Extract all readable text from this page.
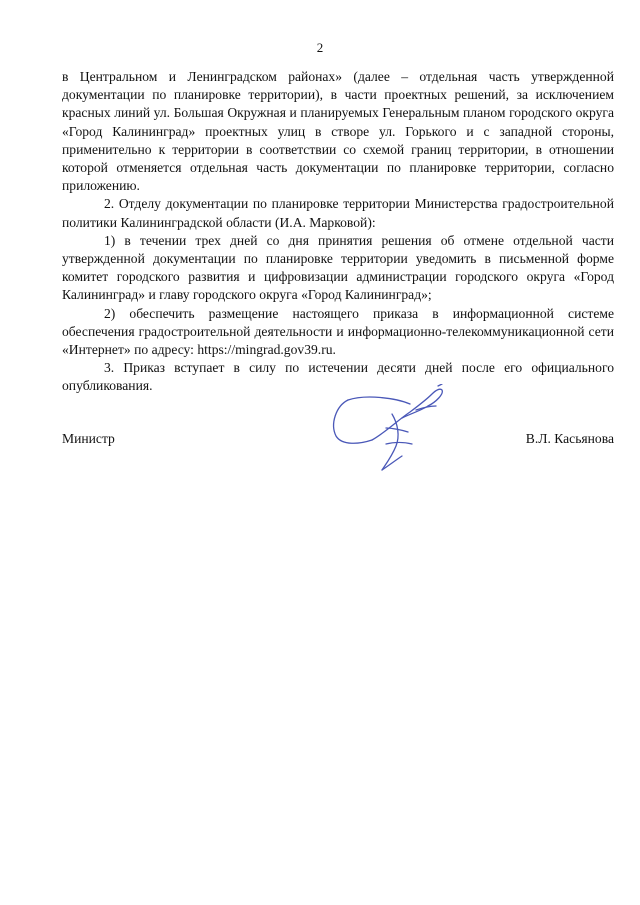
2

в Центральном и Ленинградском районах» (далее – отдельная часть утвержденной документации по планировке территории), в части проектных решений, за исключением красных линий ул. Большая Окружная и планируемых Генеральным планом городского округа «Город Калининград» проектных улиц в створе ул. Горького и с западной стороны, применительно к территории в соответствии со схемой границ территории, в отношении которой отменяется отдельная часть документации по планировке территории, согласно приложению.

2. Отделу документации по планировке территории Министерства градостроительной политики Калининградской области (И.А. Марковой):

1) в течении трех дней со дня принятия решения об отмене отдельной части утвержденной документации по планировке территории уведомить в письменной форме комитет городского развития и цифровизации администрации городского округа «Город Калининград» и главу городского округа «Город Калининград»;

2) обеспечить размещение настоящего приказа в информационной системе обеспечения градостроительной деятельности и информационно-телекоммуникационной сети «Интернет» по адресу: https://mingrad.gov39.ru.

3. Приказ вступает в силу по истечении десяти дней после его официального опубликования.

Министр	В.Л. Касьянова
